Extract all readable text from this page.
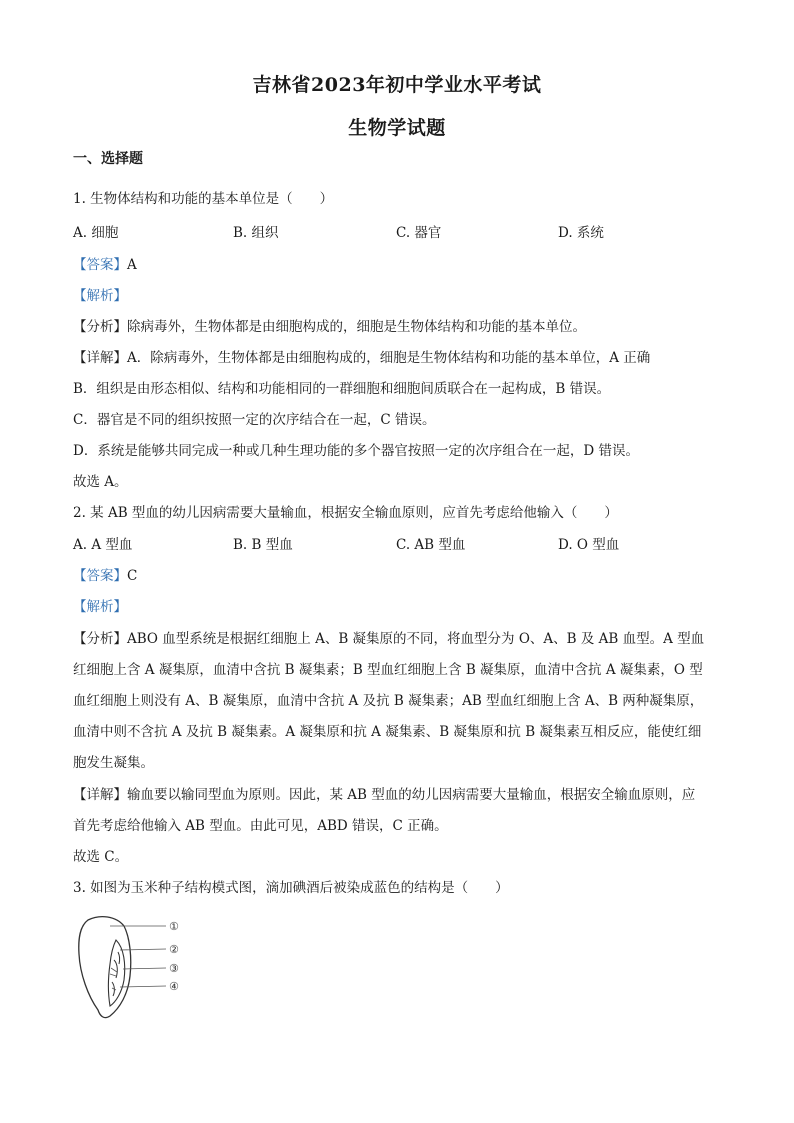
吉林省2023年初中学业水平考试
生物学试题
一、选择题
1. 生物体结构和功能的基本单位是（　　）
A. 细胞	B. 组织	C. 器官	D. 系统
【答案】A
【解析】
【分析】除病毒外，生物体都是由细胞构成的，细胞是生物体结构和功能的基本单位。
【详解】A．除病毒外，生物体都是由细胞构成的，细胞是生物体结构和功能的基本单位，A 正确
B．组织是由形态相似、结构和功能相同的一群细胞和细胞间质联合在一起构成，B 错误。
C．器官是不同的组织按照一定的次序结合在一起，C 错误。
D．系统是能够共同完成一种或几种生理功能的多个器官按照一定的次序组合在一起，D 错误。
故选 A。
2. 某 AB 型血的幼儿因病需要大量输血，根据安全输血原则，应首先考虑给他输入（　　）
A. A 型血	B. B 型血	C. AB 型血	D. O 型血
【答案】C
【解析】
【分析】ABO 血型系统是根据红细胞上 A、B 凝集原的不同，将血型分为 O、A、B 及 AB 血型。A 型血
红细胞上含 A 凝集原，血清中含抗 B 凝集素；B 型血红细胞上含 B 凝集原，血清中含抗 A 凝集素，O 型
血红细胞上则没有 A、B 凝集原，血清中含抗 A 及抗 B 凝集素；AB 型血红细胞上含 A、B 两种凝集原，
血清中则不含抗 A 及抗 B 凝集素。A 凝集原和抗 A 凝集素、B 凝集原和抗 B 凝集素互相反应，能使红细
胞发生凝集。
【详解】输血要以输同型血为原则。因此，某 AB 型血的幼儿因病需要大量输血，根据安全输血原则，应
首先考虑给他输入 AB 型血。由此可见，ABD 错误，C 正确。
故选 C。
3. 如图为玉米种子结构模式图，滴加碘酒后被染成蓝色的结构是（　　）
①
②
③
④
